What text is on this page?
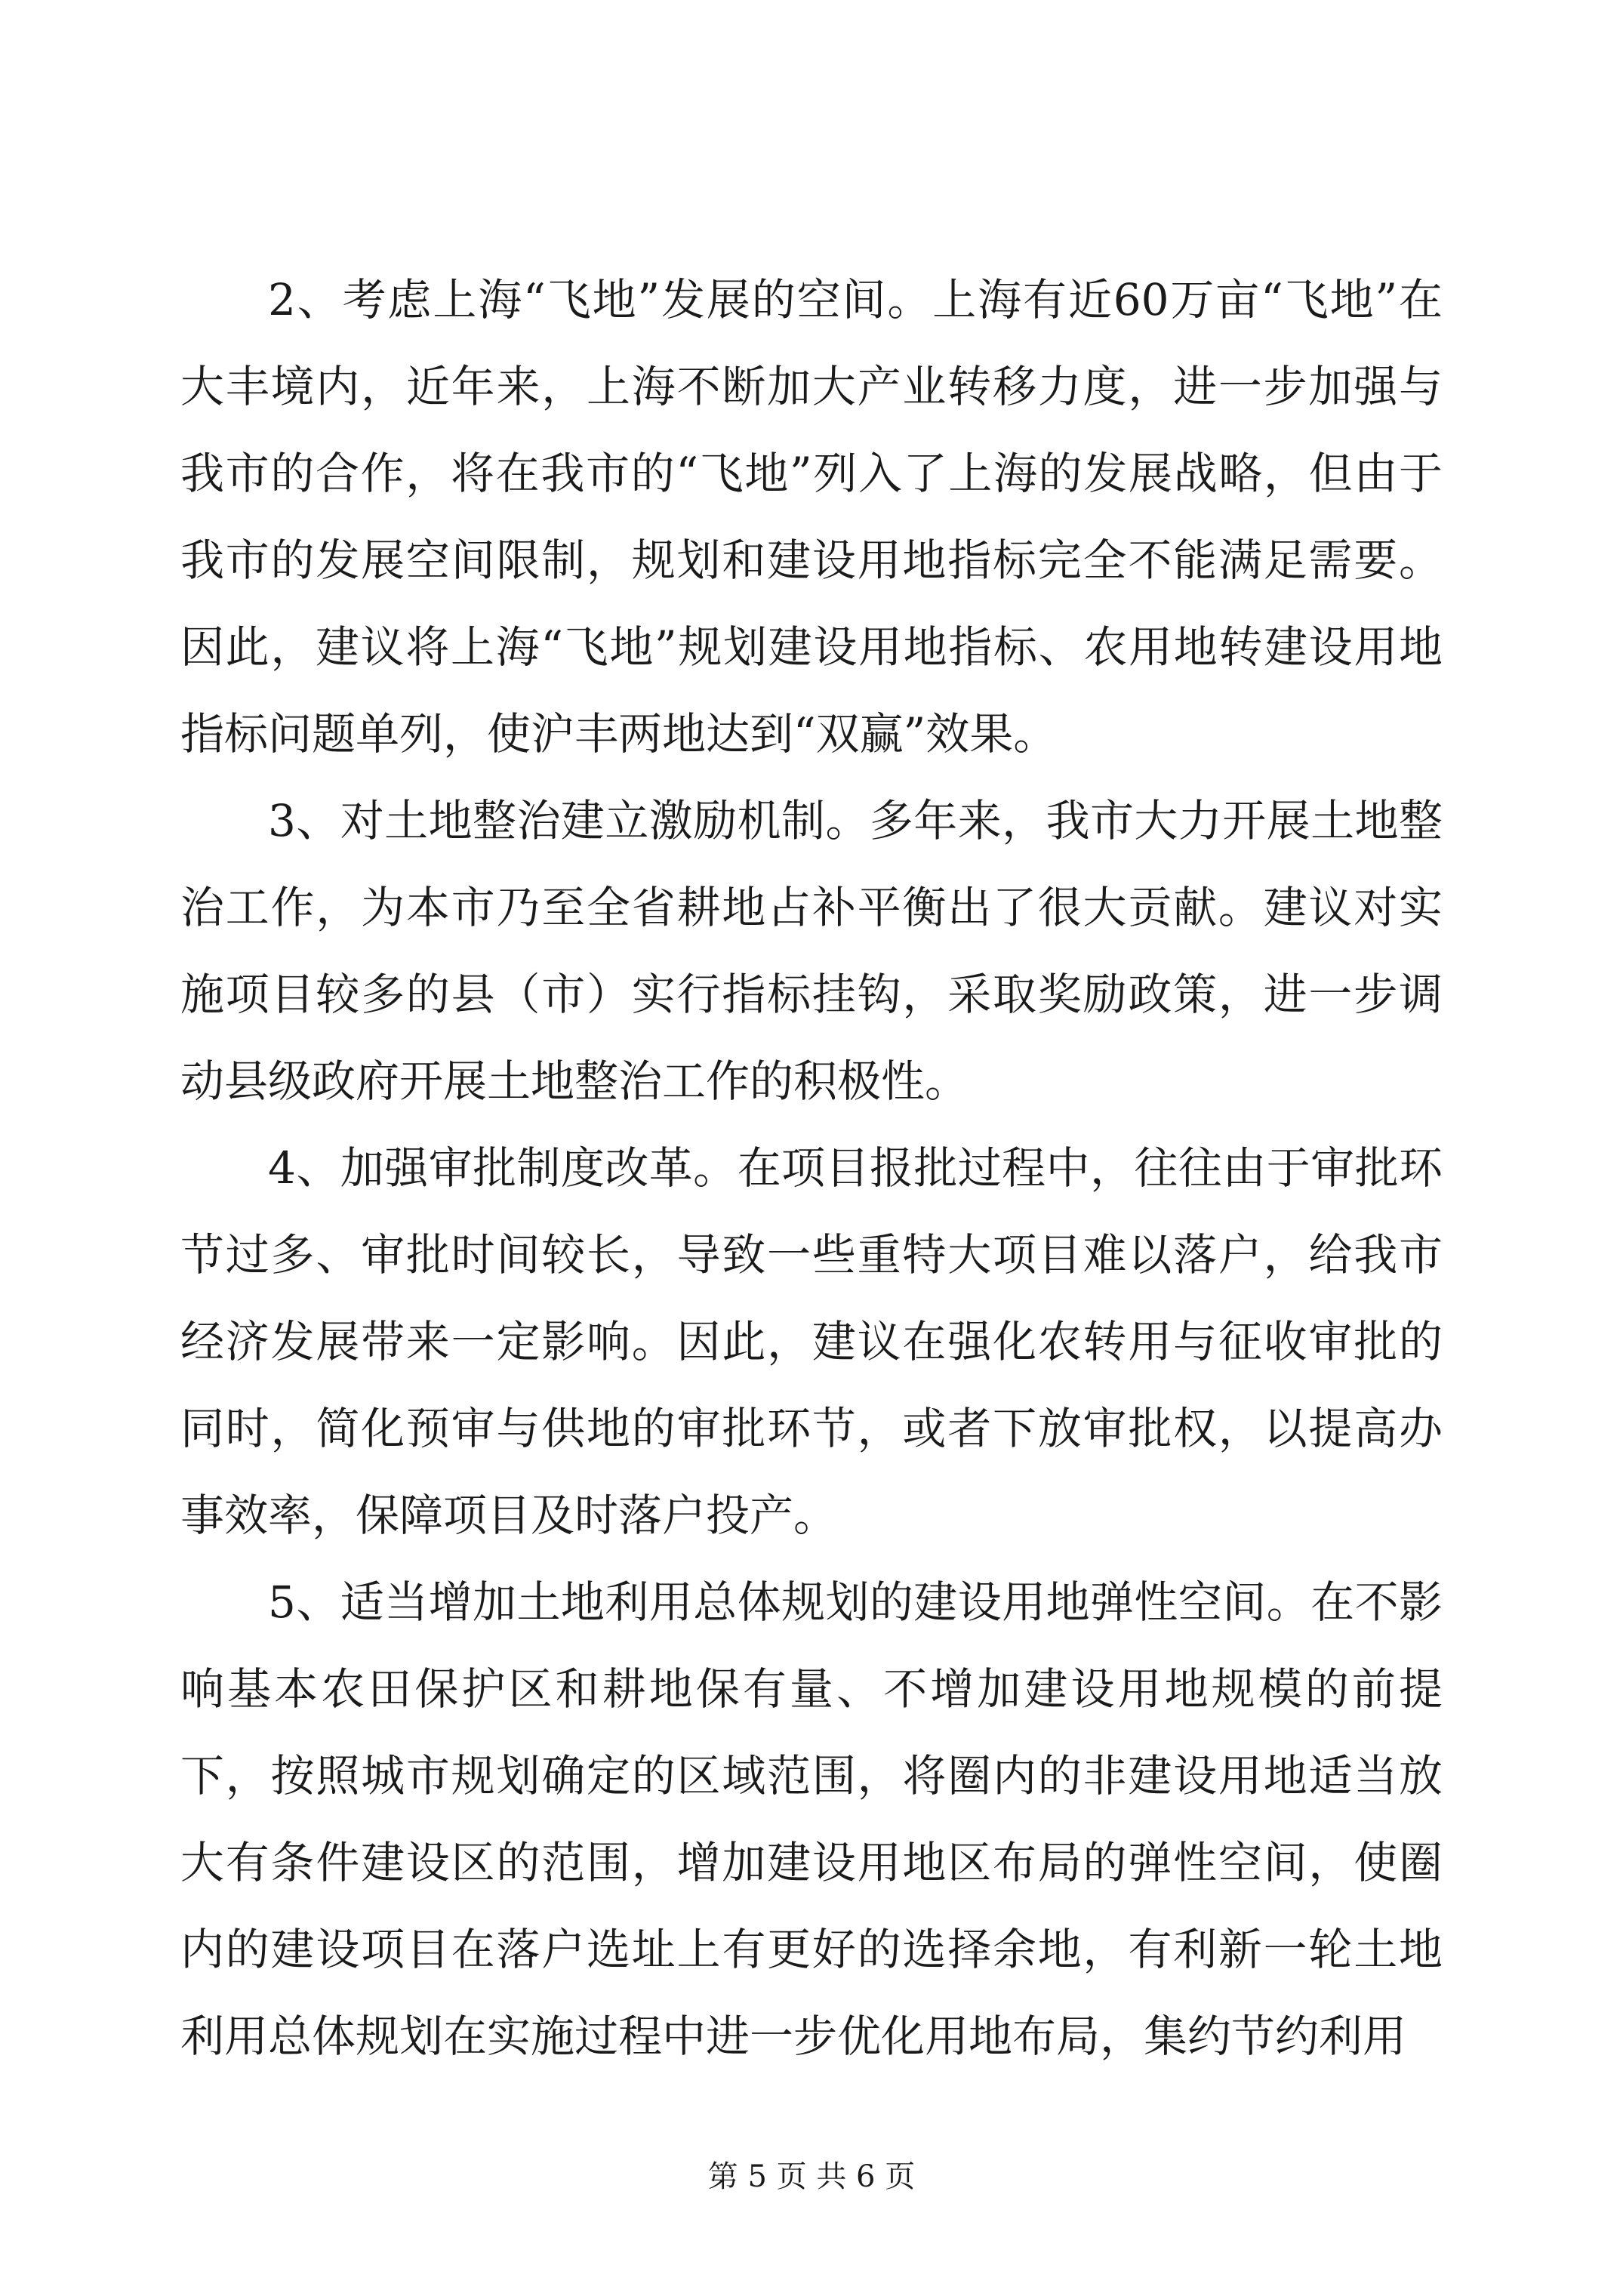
2、考虑上海“飞地”发展的空间。上海有近60万亩“飞地”在大丰境内，近年来，上海不断加大产业转移力度，进一步加强与我市的合作，将在我市的“飞地”列入了上海的发展战略，但由于我市的发展空间限制，规划和建设用地指标完全不能满足需要。因此，建议将上海“飞地”规划建设用地指标、农用地转建设用地指标问题单列，使沪丰两地达到“双赢”效果。

3、对土地整治建立激励机制。多年来，我市大力开展土地整治工作，为本市乃至全省耕地占补平衡出了很大贡献。建议对实施项目较多的县（市）实行指标挂钩，采取奖励政策，进一步调动县级政府开展土地整治工作的积极性。

4、加强审批制度改革。在项目报批过程中，往往由于审批环节过多、审批时间较长，导致一些重特大项目难以落户，给我市经济发展带来一定影响。因此，建议在强化农转用与征收审批的同时，简化预审与供地的审批环节，或者下放审批权，以提高办事效率，保障项目及时落户投产。

5、适当增加土地利用总体规划的建设用地弹性空间。在不影响基本农田保护区和耕地保有量、不增加建设用地规模的前提下，按照城市规划确定的区域范围，将圈内的非建设用地适当放大有条件建设区的范围，增加建设用地区布局的弹性空间，使圈内的建设项目在落户选址上有更好的选择余地，有利新一轮土地利用总体规划在实施过程中进一步优化用地布局，集约节约利用

第 5 页 共 6 页
